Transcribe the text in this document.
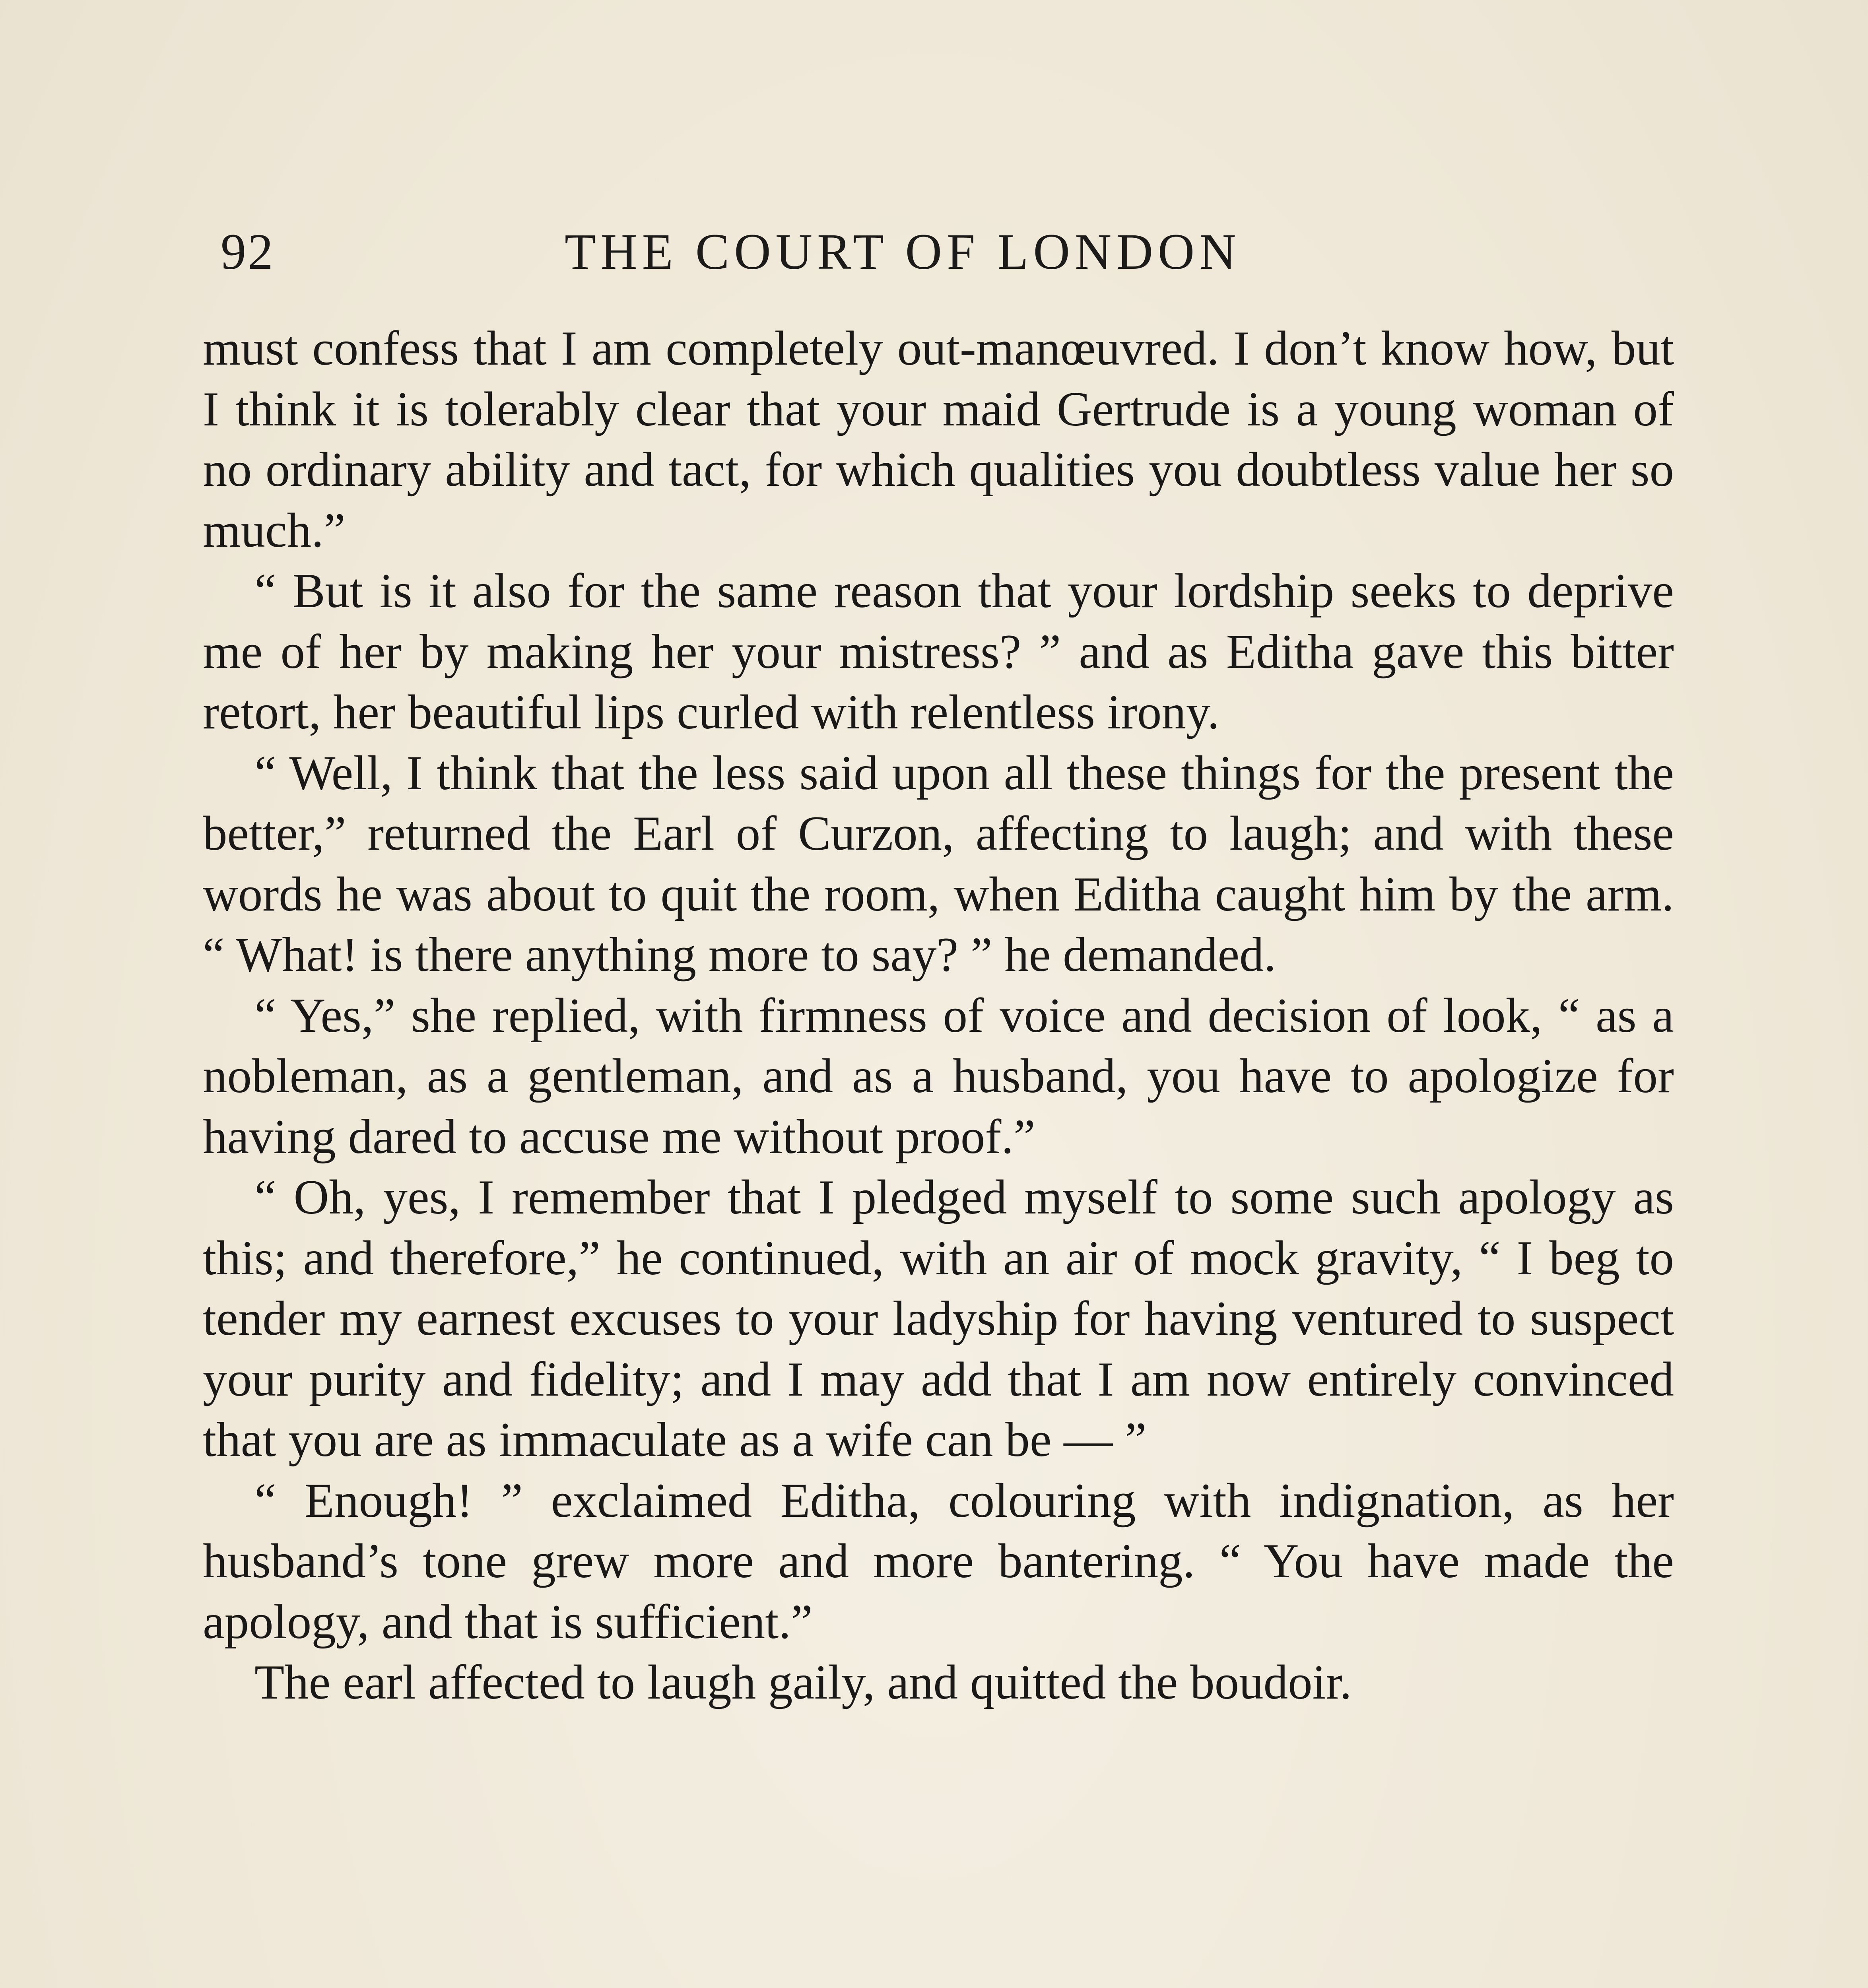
92	THE COURT OF LONDON

must confess that I am completely out-manœuvred. I don’t know how, but I think it is tolerably clear that your maid Gertrude is a young woman of no ordinary ability and tact, for which qualities you doubtless value her so much.”

“ But is it also for the same reason that your lordship seeks to deprive me of her by making her your mistress? ” and as Editha gave this bitter retort, her beautiful lips curled with relentless irony.

“ Well, I think that the less said upon all these things for the present the better,” returned the Earl of Curzon, affecting to laugh; and with these words he was about to quit the room, when Editha caught him by the arm. “ What! is there anything more to say? ” he demanded.

“ Yes,” she replied, with firmness of voice and decision of look, “ as a nobleman, as a gentleman, and as a husband, you have to apologize for having dared to accuse me without proof.”

“ Oh, yes, I remember that I pledged myself to some such apology as this; and therefore,” he continued, with an air of mock gravity, “ I beg to tender my earnest excuses to your ladyship for having ventured to suspect your purity and fidelity; and I may add that I am now entirely convinced that you are as immaculate as a wife can be — ”

“ Enough! ” exclaimed Editha, colouring with indignation, as her husband’s tone grew more and more bantering. “ You have made the apology, and that is sufficient.”

The earl affected to laugh gaily, and quitted the boudoir.
